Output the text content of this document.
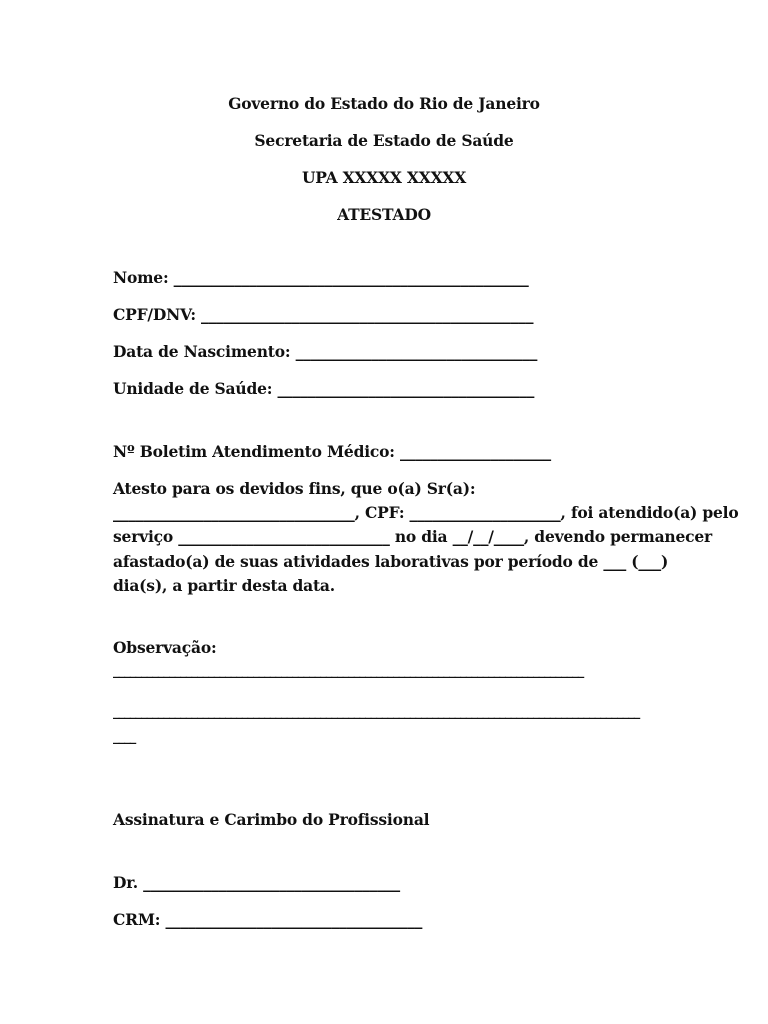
Governo do Estado do Rio de Janeiro
Secretaria de Estado de Saúde
UPA XXXXX XXXXX
ATESTADO
Nome: _______________________________________________
CPF/DNV: ____________________________________________
Data de Nascimento: ________________________________
Unidade de Saúde: __________________________________
Nº Boletim Atendimento Médico: ____________________
Atesto para os devidos fins, que o(a) Sr(a):
________________________________, CPF: ____________________, foi atendido(a) pelo
serviço ____________________________ no dia __/__/____, devendo permanecer
afastado(a) de suas atividades laborativas por período de ___ (___)
dia(s), a partir desta data.
Observação:
____________________________________________________________________________________
______________________________________________________________________________________________
____
Assinatura e Carimbo do Profissional
Dr. __________________________________
CRM: __________________________________
